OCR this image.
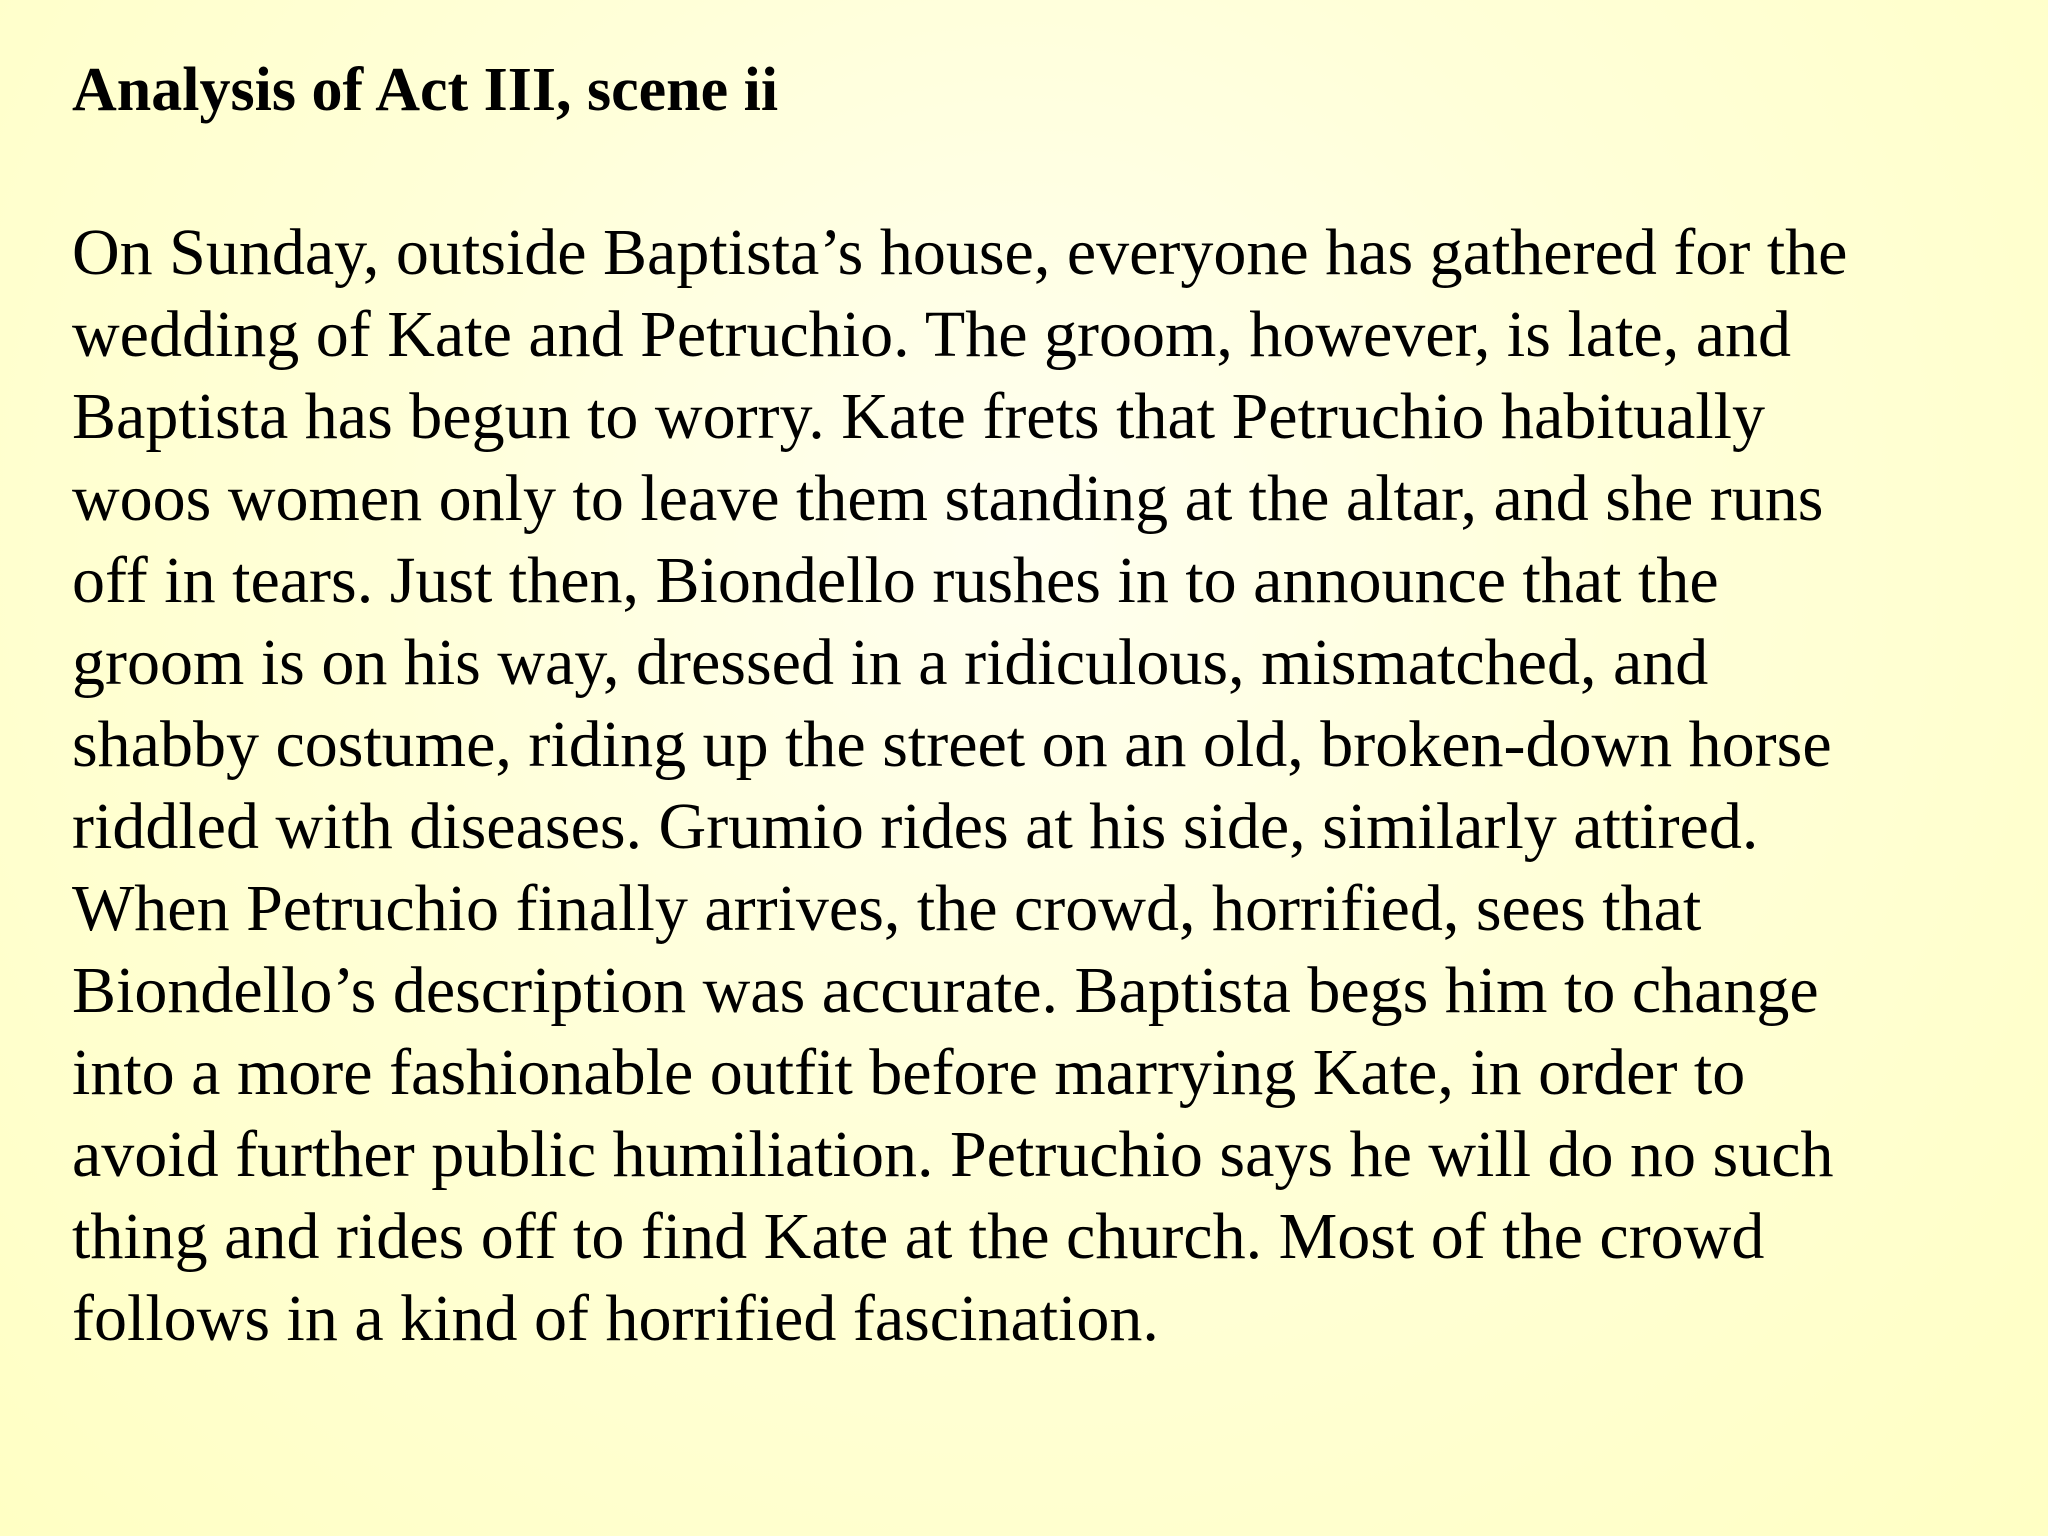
Analysis of Act III, scene ii
On Sunday, outside Baptista’s house, everyone has gathered for the
wedding of Kate and Petruchio. The groom, however, is late, and
Baptista has begun to worry. Kate frets that Petruchio habitually
woos women only to leave them standing at the altar, and she runs
off in tears. Just then, Biondello rushes in to announce that the
groom is on his way, dressed in a ridiculous, mismatched, and
shabby costume, riding up the street on an old, broken-down horse
riddled with diseases. Grumio rides at his side, similarly attired.
When Petruchio finally arrives, the crowd, horrified, sees that
Biondello’s description was accurate. Baptista begs him to change
into a more fashionable outfit before marrying Kate, in order to
avoid further public humiliation. Petruchio says he will do no such
thing and rides off to find Kate at the church. Most of the crowd
follows in a kind of horrified fascination.
